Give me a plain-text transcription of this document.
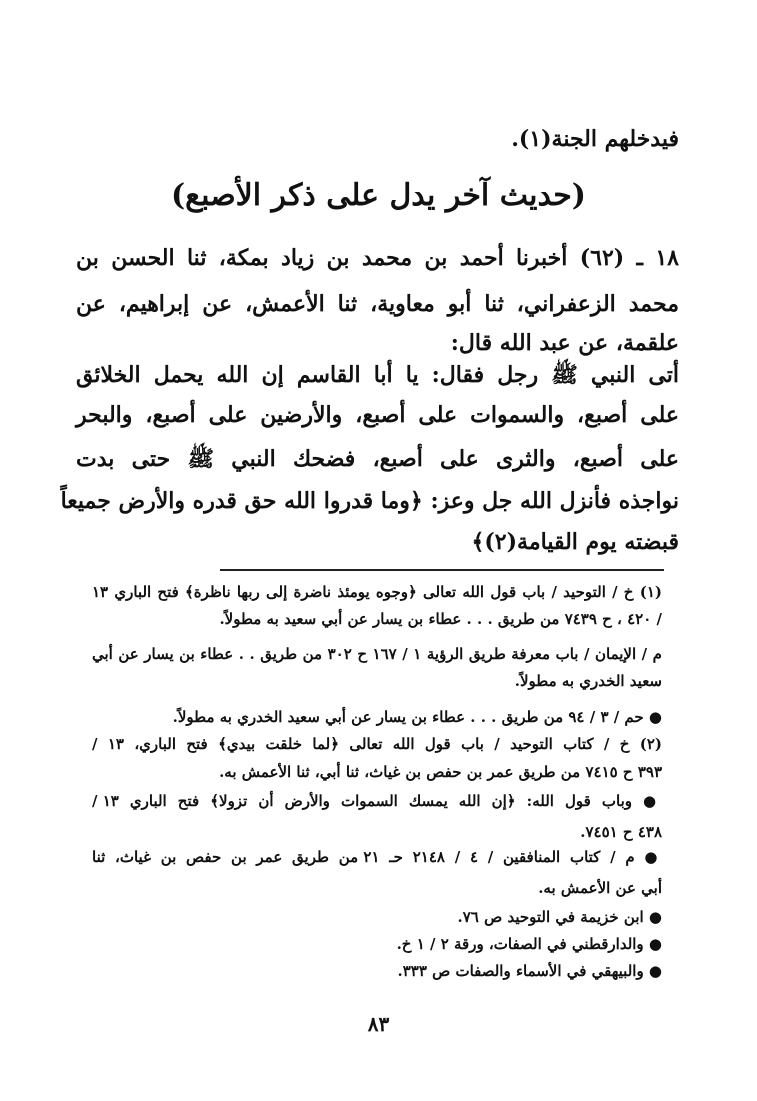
فيدخلهم الجنة(١).
(حديث آخر يدل على ذكر الأصبع)
١٨ ـ (٦٢) أخبرنا أحمد بن محمد بن زياد بمكة، ثنا الحسن بن
محمد الزعفراني، ثنا أبو معاوية، ثنا الأعمش، عن إبراهيم، عن
علقمة، عن عبد الله قال:
أتى النبي ﷺ رجل فقال: يا أبا القاسم إن الله يحمل الخلائق
على أصبع، والسموات على أصبع، والأرضين على أصبع، والبحر
على أصبع، والثرى على أصبع، فضحك النبي ﷺ حتى بدت
نواجذه فأنزل الله جل وعز: ﴿وما قدروا الله حق قدره والأرض جميعاً
قبضته يوم القيامة(٢)﴾
(١) خ / التوحيد / باب قول الله تعالى ﴿وجوه يومئذ ناضرة إلى ربها ناظرة﴾ فتح الباري ١٣
/ ٤٢٠ ، ح ٧٤٣٩ من طريق . . . عطاء بن يسار عن أبي سعيد به مطولاً.
م / الإيمان / باب معرفة طريق الرؤية ١ / ١٦٧ ح ٣٠٢ من طريق . . عطاء بن يسار عن أبي
سعيد الخدري به مطولاً.
● حم / ٣ / ٩٤ من طريق . . . عطاء بن يسار عن أبي سعيد الخدري به مطولاً.
(٢) خ / كتاب التوحيد / باب قول الله تعالى ﴿لما خلقت بيدي﴾ فتح الباري، ١٣ /
٣٩٣ ح ٧٤١٥ من طريق عمر بن حفص بن غياث، ثنا أبي، ثنا الأعمش به.
● وباب قول الله: ﴿إن الله يمسك السموات والأرض أن تزولا﴾ فتح الباري ١٣ /
٤٣٨ ح ٧٤٥١.
● م / كتاب المنافقين / ٤ / ٢١٤٨ حـ ٢١ من طريق عمر بن حفص بن غياث، ثنا
أبي عن الأعمش به.
● ابن خزيمة في التوحيد ص ٧٦.
● والدارقطني في الصفات، ورقة ٢ / ١ خ.
● والبيهقي في الأسماء والصفات ص ٣٣٣.
٨٣
